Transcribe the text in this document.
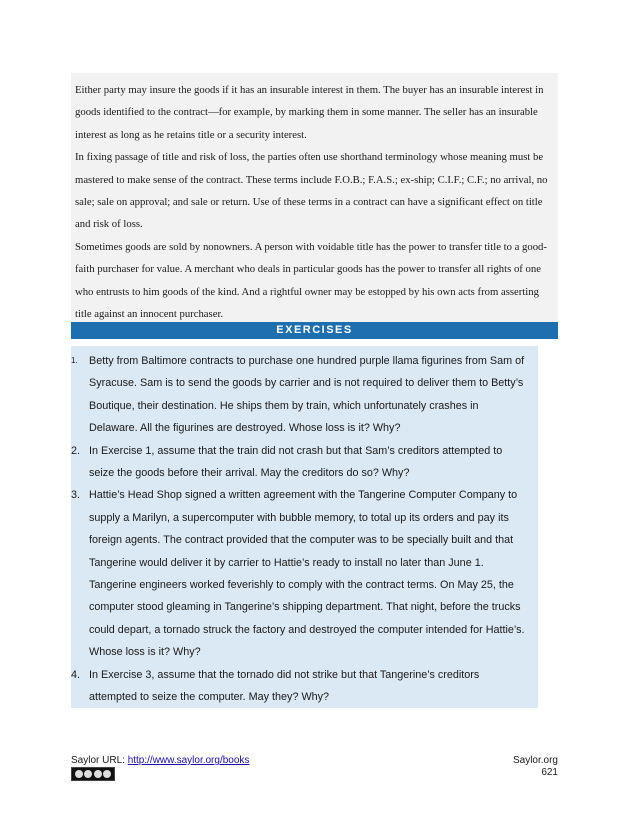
Either party may insure the goods if it has an insurable interest in them. The buyer has an insurable interest in goods identified to the contract—for example, by marking them in some manner. The seller has an insurable interest as long as he retains title or a security interest.

In fixing passage of title and risk of loss, the parties often use shorthand terminology whose meaning must be mastered to make sense of the contract. These terms include F.O.B.; F.A.S.; ex-ship; C.I.F.; C.F.; no arrival, no sale; sale on approval; and sale or return. Use of these terms in a contract can have a significant effect on title and risk of loss.

Sometimes goods are sold by nonowners. A person with voidable title has the power to transfer title to a good-faith purchaser for value. A merchant who deals in particular goods has the power to transfer all rights of one who entrusts to him goods of the kind. And a rightful owner may be estopped by his own acts from asserting title against an innocent purchaser.

EXERCISES
1. Betty from Baltimore contracts to purchase one hundred purple llama figurines from Sam of Syracuse. Sam is to send the goods by carrier and is not required to deliver them to Betty’s Boutique, their destination. He ships them by train, which unfortunately crashes in Delaware. All the figurines are destroyed. Whose loss is it? Why?
2. In Exercise 1, assume that the train did not crash but that Sam’s creditors attempted to seize the goods before their arrival. May the creditors do so? Why?
3. Hattie’s Head Shop signed a written agreement with the Tangerine Computer Company to supply a Marilyn, a supercomputer with bubble memory, to total up its orders and pay its foreign agents. The contract provided that the computer was to be specially built and that Tangerine would deliver it by carrier to Hattie’s ready to install no later than June 1. Tangerine engineers worked feverishly to comply with the contract terms. On May 25, the computer stood gleaming in Tangerine’s shipping department. That night, before the trucks could depart, a tornado struck the factory and destroyed the computer intended for Hattie’s. Whose loss is it? Why?
4. In Exercise 3, assume that the tornado did not strike but that Tangerine’s creditors attempted to seize the computer. May they? Why?
Saylor URL: http://www.saylor.org/books	Saylor.org
621
